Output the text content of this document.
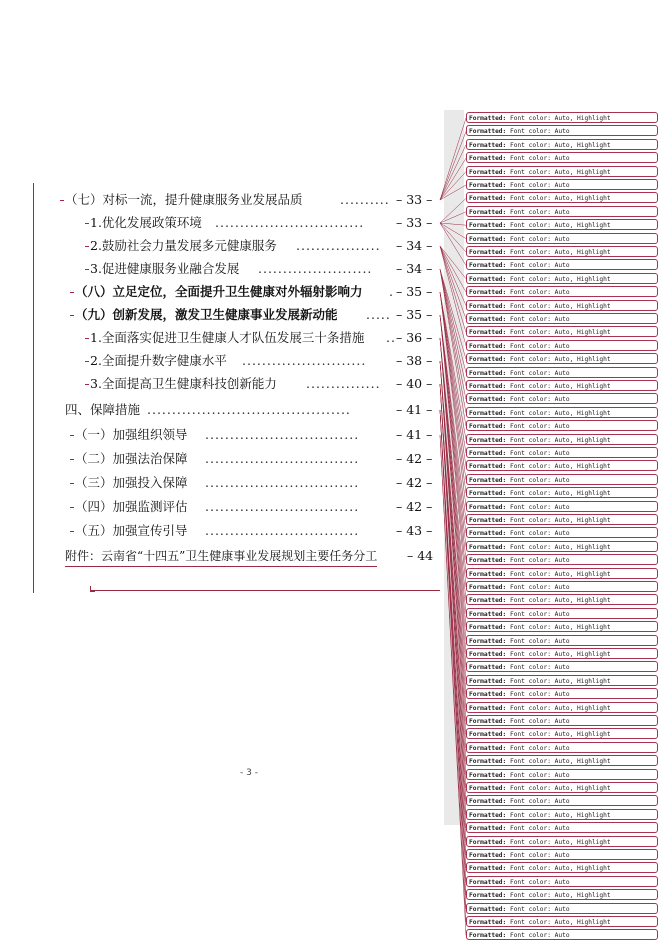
（七）对标一流，提升健康服务业发展品质	.......... – 33 –
1.优化发展政策环境 ..............................	– 33 –
2.鼓励社会力量发展多元健康服务 .................	– 34 –
3.促进健康服务业融合发展 .......................	– 34 –
（八）立足定位，全面提升卫生健康对外辐射影响力 . – 35 –
（九）创新发展，激发卫生健康事业发展新动能 ..... – 35 –
1.全面落实促进卫生健康人才队伍发展三十条措施 .. – 36 –
2.全面提升数字健康水平 .........................	– 38 –
3.全面提高卫生健康科技创新能力 ...............	– 40 –
四、保障措施 .........................................	– 41 –
（一）加强组织领导 ...............................	– 41 –
（二）加强法治保障 ...............................	– 42 –
（三）加强投入保障 ...............................	– 42 –
（四）加强监测评估 ...............................	– 42 –
（五）加强宣传引导 ...............................	– 43 –
附件：云南省“十四五”卫生健康事业发展规划主要任务分工 – 44
- 3 -
Formatted: Font color: Auto, Highlight
Formatted: Font color: Auto
Formatted: Font color: Auto, Highlight
Formatted: Font color: Auto
Formatted: Font color: Auto, Highlight
Formatted: Font color: Auto
Formatted: Font color: Auto, Highlight
Formatted: Font color: Auto
Formatted: Font color: Auto, Highlight
Formatted: Font color: Auto
Formatted: Font color: Auto, Highlight
Formatted: Font color: Auto
Formatted: Font color: Auto, Highlight
Formatted: Font color: Auto
Formatted: Font color: Auto, Highlight
Formatted: Font color: Auto
Formatted: Font color: Auto, Highlight
Formatted: Font color: Auto
Formatted: Font color: Auto, Highlight
Formatted: Font color: Auto
Formatted: Font color: Auto, Highlight
Formatted: Font color: Auto
Formatted: Font color: Auto, Highlight
Formatted: Font color: Auto
Formatted: Font color: Auto, Highlight
Formatted: Font color: Auto
Formatted: Font color: Auto, Highlight
Formatted: Font color: Auto
Formatted: Font color: Auto, Highlight
Formatted: Font color: Auto
Formatted: Font color: Auto, Highlight
Formatted: Font color: Auto
Formatted: Font color: Auto, Highlight
Formatted: Font color: Auto
Formatted: Font color: Auto, Highlight
Formatted: Font color: Auto
Formatted: Font color: Auto, Highlight
Formatted: Font color: Auto
Formatted: Font color: Auto, Highlight
Formatted: Font color: Auto
Formatted: Font color: Auto, Highlight
Formatted: Font color: Auto
Formatted: Font color: Auto, Highlight
Formatted: Font color: Auto
Formatted: Font color: Auto, Highlight
Formatted: Font color: Auto
Formatted: Font color: Auto, Highlight
Formatted: Font color: Auto
Formatted: Font color: Auto, Highlight
Formatted: Font color: Auto
Formatted: Font color: Auto, Highlight
Formatted: Font color: Auto
Formatted: Font color: Auto, Highlight
Formatted: Font color: Auto
Formatted: Font color: Auto, Highlight
Formatted: Font color: Auto
Formatted: Font color: Auto, Highlight
Formatted: Font color: Auto
Formatted: Font color: Auto, Highlight
Formatted: Font color: Auto
Formatted: Font color: Auto, Highlight
Formatted: Font color: Auto
